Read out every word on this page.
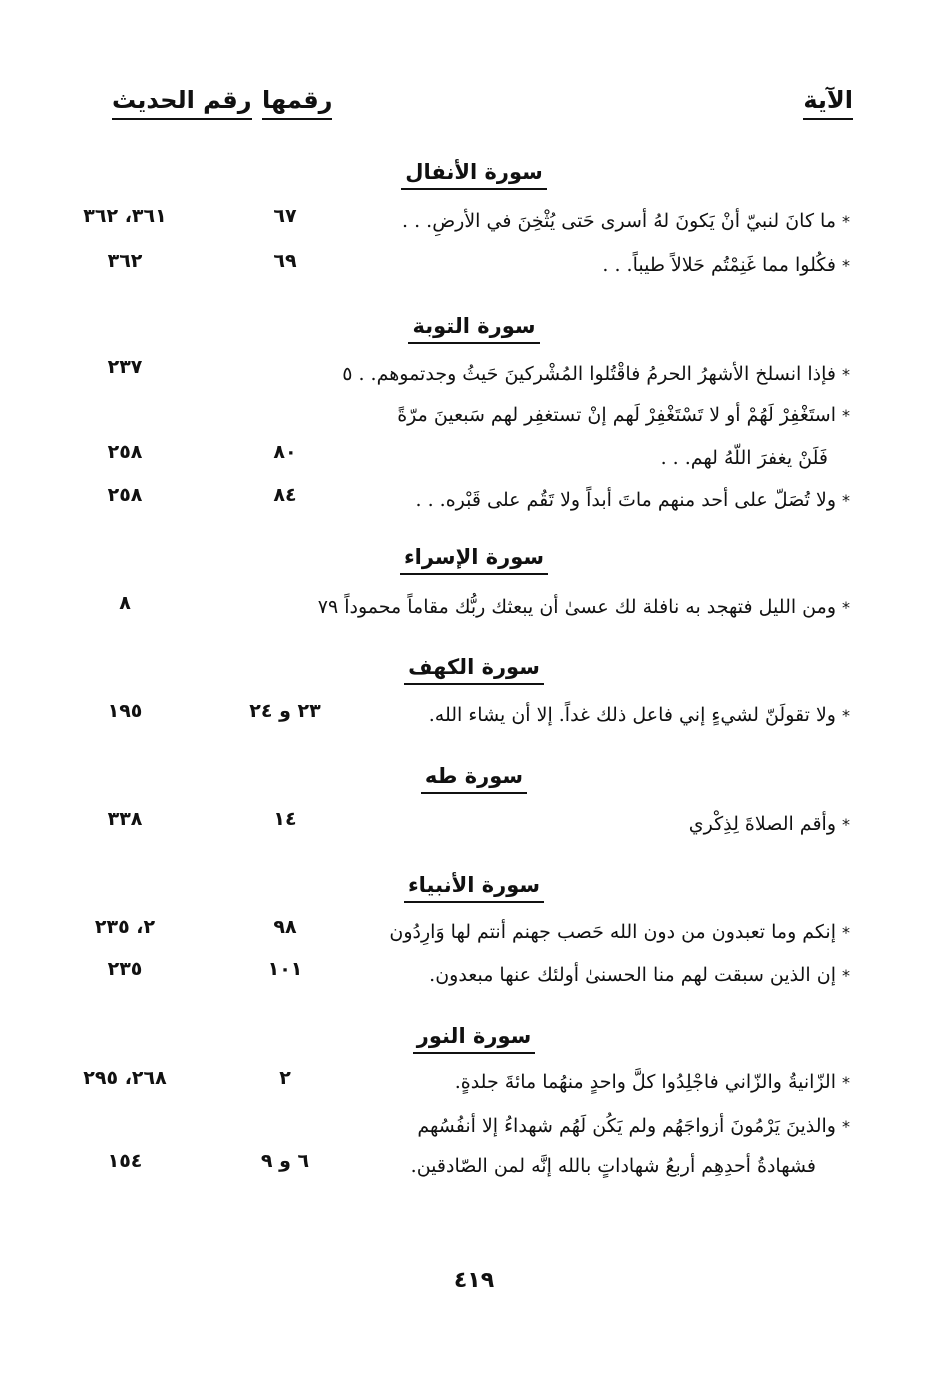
الآية
رقمها
رقم الحديث
سورة الأنفال
*ما كانَ لنبيّ أنْ يَكونَ لهُ أسرى حَتى يُثْخِنَ في الأرضِ. . .
٦٧
٣٦١، ٣٦٢
*فكُلوا مما غَنِمْتُم حَلالاً طيباً. . .
٦٩
٣٦٢
سورة التوبة
*فإذا انسلخ الأشهرُ الحرمُ فاقْتُلوا المُشْركينَ حَيثُ وجدتموهم. . ٥
٢٣٧
*استَغْفِرْ لَهُمْ أو لا تَسْتَغْفِرْ لَهم إنْ تستغفِر لهم سَبعينَ مرّةً
فَلَنْ يغفرَ اللّهُ لهم. . .
٨٠
٢٥٨
*ولا تُصَلّ على أحد منهم ماتَ أبداً ولا تَقُم على قَبْره. . .
٨٤
٢٥٨
سورة الإسراء
*ومن الليل فتهجد به نافلة لك عسىٰ أن يبعثك ربُّك مقاماً محموداً ٧٩
٨
سورة الكهف
*ولا تقولَنّ لشيءٍ إني فاعل ذلك غداً. إلا أن يشاء الله.
٢٣ و ٢٤
١٩٥
سورة طه
*وأقم الصلاةَ لِذِكْري
١٤
٣٣٨
سورة الأنبياء
*إنكم وما تعبدون من دون الله حَصب جهنم أنتم لها وَارِدُون
٩٨
٢، ٢٣٥
*إن الذين سبقت لهم منا الحسنىٰ أولئك عنها مبعدون.
١٠١
٢٣٥
سورة النور
*الزّانيةُ والزّاني فاجْلِدُوا كلَّ واحدٍ منهُما مائةَ جلدةٍ.
٢
٢٦٨، ٢٩٥
*والذينَ يَرْمُونَ أزواجَهُم ولم يَكُن لَهُم شهداءُ إلا أنفُسُهم
فشهادةُ أحدِهِم أربعُ شهاداتٍ بالله إنَّه لمن الصّادقين.
٦ و ٩
١٥٤
٤١٩
